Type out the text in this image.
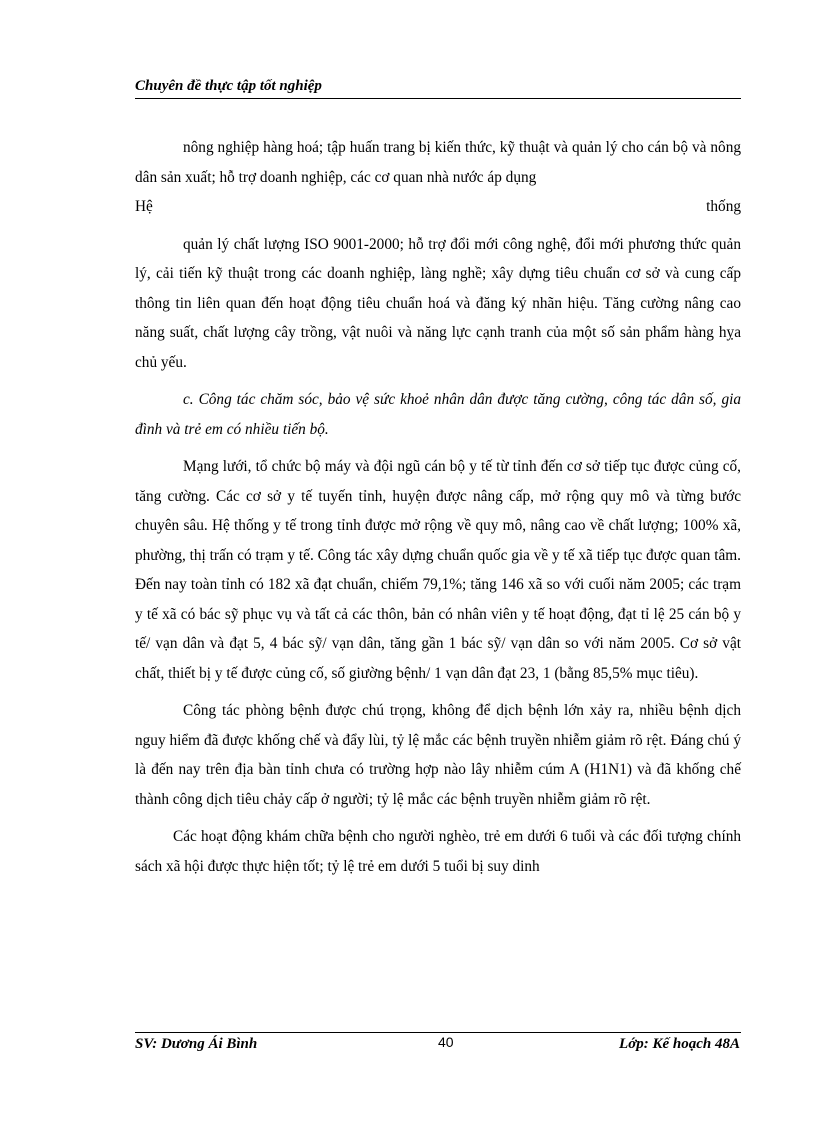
Chuyên đề thực tập tốt nghiệp

nông nghiệp hàng hoá; tập huấn trang bị kiến thức, kỹ thuật và quản lý cho cán bộ và nông dân sản xuất; hỗ trợ doanh nghiệp, các cơ quan nhà nước áp dụng

Hệ	thống

quản lý chất lượng ISO 9001-2000; hỗ trợ đổi mới công nghệ, đổi mới phương thức quản lý, cải tiến kỹ thuật trong các doanh nghiệp, làng nghề; xây dựng tiêu chuẩn cơ sở và cung cấp thông tin liên quan đến hoạt động tiêu chuẩn hoá và đăng ký nhãn hiệu. Tăng cường nâng cao năng suất, chất lượng cây trồng, vật nuôi và năng lực cạnh tranh của một số sản phẩm hàng hỵa chủ yếu.

c. Công tác chăm sóc, bảo vệ sức khoẻ nhân dân được tăng cường, công tác dân số, gia đình và trẻ em có nhiều tiến bộ.

Mạng lưới, tổ chức bộ máy và đội ngũ cán bộ y tế từ tỉnh đến cơ sở tiếp tục được củng cố, tăng cường. Các cơ sở y tế tuyến tỉnh, huyện được nâng cấp, mở rộng quy mô và từng bước chuyên sâu. Hệ thống y tế trong tỉnh được mở rộng về quy mô, nâng cao về chất lượng; 100% xã, phường, thị trấn có trạm y tế. Công tác xây dựng chuẩn quốc gia về y tế xã tiếp tục được quan tâm. Đến nay toàn tỉnh có 182 xã đạt chuẩn, chiếm 79,1%; tăng 146 xã so với cuối năm 2005; các trạm y tế xã có bác sỹ phục vụ và tất cả các thôn, bản có nhân viên y tế hoạt động, đạt tỉ lệ 25 cán bộ y tế/ vạn dân và đạt 5, 4 bác sỹ/ vạn dân, tăng gần 1 bác sỹ/ vạn dân so với năm 2005. Cơ sở vật chất, thiết bị y tế được củng cố, số giường bệnh/ 1 vạn dân đạt 23, 1 (bằng 85,5% mục tiêu).

Công tác phòng bệnh được chú trọng, không để dịch bệnh lớn xảy ra, nhiều bệnh dịch nguy hiểm đã được khống chế và đẩy lùi, tỷ lệ mắc các bệnh truyền nhiễm giảm rõ rệt. Đáng chú ý là đến nay trên địa bàn tỉnh chưa có trường hợp nào lây nhiễm cúm A (H1N1) và đã khống chế thành công dịch tiêu chảy cấp ở người; tỷ lệ mắc các bệnh truyền nhiễm giảm rõ rệt.

Các hoạt động khám chữa bệnh cho người nghèo, trẻ em dưới 6 tuổi và các đối tượng chính sách xã hội được thực hiện tốt; tỷ lệ trẻ em dưới 5 tuổi bị suy dinh

SV: Dương Ái Bình	40	Lớp: Kế hoạch 48A
